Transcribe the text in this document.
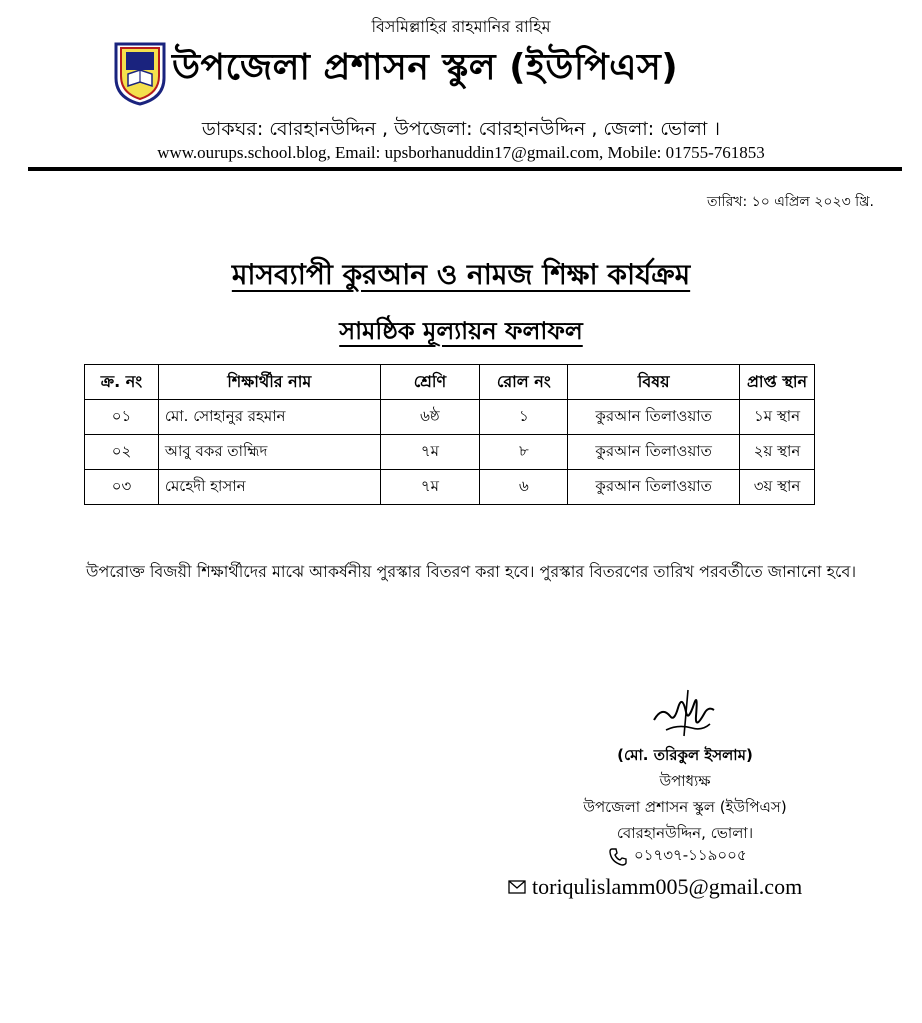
বিসমিল্লাহির রাহমানির রাহিম
উপজেলা প্রশাসন স্কুল (ইউপিএস)
ডাকঘর: বোরহানউদ্দিন , উপজেলা: বোরহানউদ্দিন , জেলা: ভোলা ।
www.ourups.school.blog, Email: upsborhanuddin17@gmail.com, Mobile: 01755-761853
তারিখ: ১০ এপ্রিল ২০২৩ খ্রি.
মাসব্যাপী কুরআন ও নামজ শিক্ষা কার্যক্রম
সামষ্ঠিক মূল্যায়ন ফলাফল
ক্র. নং	শিক্ষার্থীর নাম	শ্রেণি	রোল নং	বিষয়	প্রাপ্ত স্থান
০১	মো. সোহানুর রহমান	৬ষ্ঠ	১	কুরআন তিলাওয়াত	১ম স্থান
০২	আবু বকর তাহ্মিদ	৭ম	৮	কুরআন তিলাওয়াত	২য় স্থান
০৩	মেহেদী হাসান	৭ম	৬	কুরআন তিলাওয়াত	৩য় স্থান
উপরোক্ত বিজয়ী শিক্ষার্থীদের মাঝে আকর্ষনীয় পুরস্কার বিতরণ করা হবে। পুরস্কার বিতরণের তারিখ পরবর্তীতে জানানো হবে।
(মো. তরিকুল ইসলাম)
উপাধ্যক্ষ
উপজেলা প্রশাসন স্কুল (ইউপিএস)
বোরহানউদ্দিন, ভোলা।
০১৭৩৭-১১৯০০৫
toriqulislamm005@gmail.com
